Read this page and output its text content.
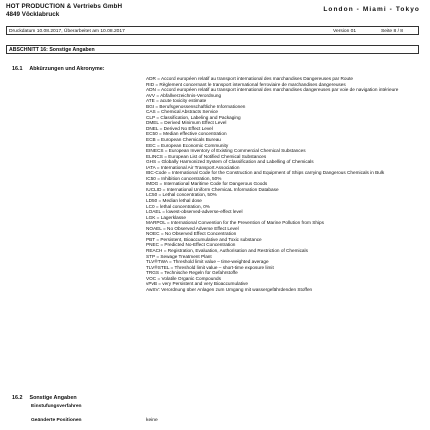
HOT PRODUCTION & Vertriebs GmbH
4849 Vöcklabruck
London - Miami - Tokyo
Druckdatum 10.08.2017, Überarbeitet am 10.08.2017	Version 01	Seite 8 / 8
ABSCHNITT 16: Sonstige Angaben
16.1 Abkürzungen und Akronyme:
ADR = Accord européen relatif au transport international des marchandises Dangereuses par Route
RID = Règlement concernant le transport international ferroviaire de marchandises dangereuses
ADN = Accord européen relatif au transport international des marchandises dangereuses par voie de navigation intérieure
AVV = Abfallverzeichnis-Verordnung
ATE = acute toxicity estimate
BGI = Berufsgenossenschaftliche Informationen
CAS = Chemical Abstracts Service
CLP = Classification, Labeling and Packaging
DMEL = Derived Minimum Effect Level
DNEL = Derived No Effect Level
EC50 = Median effective concentration
ECB = European Chemicals Bureau
EEC = European Economic Community
EINECS = European Inventory of Existing Commercial Chemical Substances
ELINCS = European List of Notified Chemical Substances
GHS = Globally Harmonized System of Classification and Labelling of Chemicals
IATA = International Air Transport Association
IBC-Code = International Code for the Construction and Equipment of Ships carrying Dangerous Chemicals in Bulk
IC50 = Inhibition concentration, 50%
IMDG = International Maritime Code for Dangerous Goods
IUCLID = International Uniform ChemicaL Information Database
LC50 = Lethal concentration, 50%
LD50 = Median lethal dose
LC0 = lethal concentration, 0%
LOAEL = lowest-observed-adverse-effect level
LGK = Lagerklasse
MARPOL = International Convention for the Prevention of Marine Pollution from Ships
NOAEL = No Observed Adverse Effect Level
NOEC = No Observed Effect Concentration
PBT = Persistent, Bioaccumulative and Toxic substance
PNEC = Predicted No-Effect Concentration
REACH = Registration, Evaluation, Authorisation and Restriction of Chemicals
STP = Sewage Treatment Plant
TLV®TWA = Threshold limit value – time-weighted average
TLV®STEL = Threshold limit value – short-time exposure limit
TRGS = Technische Regeln für Gefahrstoffe
VOC = Volatile Organic Compounds
vPvB = very Persistent and very Bioaccumulative
AwSV: Verordnung über Anlagen zum Umgang mit wassergefährdenden Stoffen
16.2 Sonstige Angaben
Einstufungsverfahren
Geänderte Positionen	keine
